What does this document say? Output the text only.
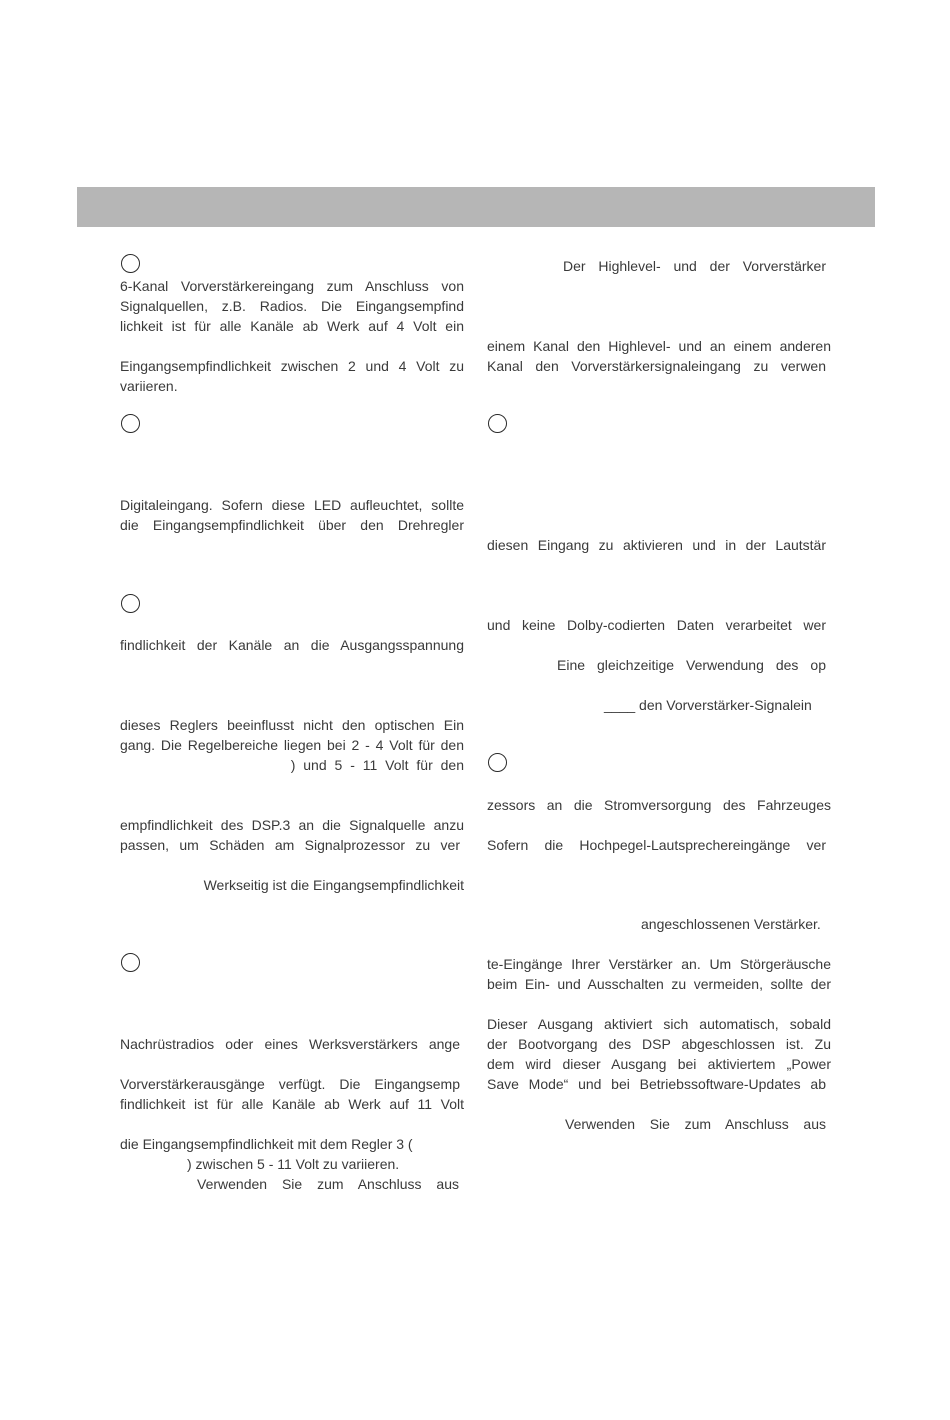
6-Kanal Vorverstärkereingang zum Anschluss von
Signalquellen, z.B. Radios. Die Eingangsempfind
lichkeit ist für alle Kanäle ab Werk auf 4 Volt ein
Eingangsempfindlichkeit zwischen 2 und 4 Volt zu
variieren.
Digitaleingang. Sofern diese LED aufleuchtet, sollte
die Eingangsempfindlichkeit über den Drehregler
findlichkeit der Kanäle an die Ausgangsspannung
dieses Reglers beeinflusst nicht den optischen Ein
gang. Die Regelbereiche liegen bei 2 - 4 Volt für den
) und 5 - 11 Volt für den
empfindlichkeit des DSP.3 an die Signalquelle anzu
passen, um Schäden am Signalprozessor zu ver
Werkseitig ist die Eingangsempfindlichkeit
Nachrüstradios oder eines Werksverstärkers ange
Vorverstärkerausgänge verfügt. Die Eingangsemp
findlichkeit ist für alle Kanäle ab Werk auf 11 Volt
die Eingangsempfindlichkeit mit dem Regler 3 (
) zwischen 5 - 11 Volt zu variieren.
Verwenden Sie zum Anschluss aus
Der Highlevel- und der Vorverstärker
einem Kanal den Highlevel- und an einem anderen
Kanal den Vorverstärkersignaleingang zu verwen
diesen Eingang zu aktivieren und in der Lautstär
und keine Dolby-codierten Daten verarbeitet wer
Eine gleichzeitige Verwendung des op
____ den Vorverstärker-Signalein
zessors an die Stromversorgung des Fahrzeuges
Sofern die Hochpegel-Lautsprechereingänge ver
angeschlossenen Verstärker.
te-Eingänge Ihrer Verstärker an. Um Störgeräusche
beim Ein- und Ausschalten zu vermeiden, sollte der
Dieser Ausgang aktiviert sich automatisch, sobald
der Bootvorgang des DSP abgeschlossen ist. Zu
dem wird dieser Ausgang bei aktiviertem „Power
Save Mode“ und bei Betriebssoftware-Updates ab
Verwenden Sie zum Anschluss aus
